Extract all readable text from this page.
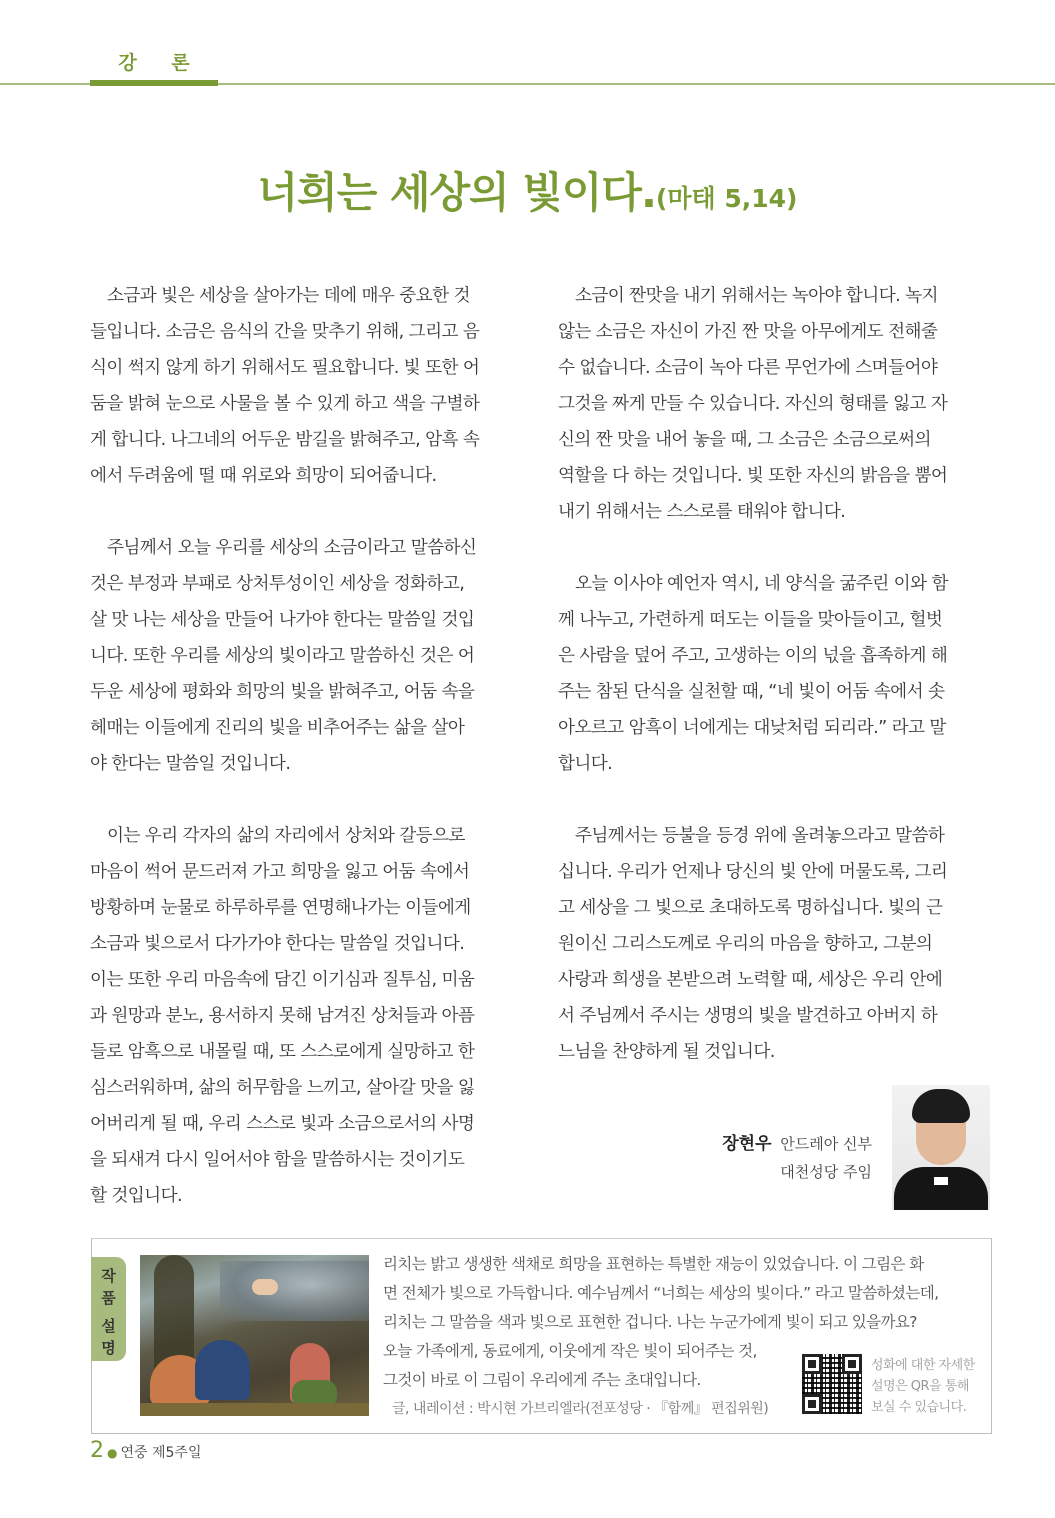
강 론
너희는 세상의 빛이다.(마태 5,14)

소금과 빛은 세상을 살아가는 데에 매우 중요한 것
들입니다. 소금은 음식의 간을 맞추기 위해, 그리고 음
식이 썩지 않게 하기 위해서도 필요합니다. 빛 또한 어
둠을 밝혀 눈으로 사물을 볼 수 있게 하고 색을 구별하
게 합니다. 나그네의 어두운 밤길을 밝혀주고, 암흑 속
에서 두려움에 떨 때 위로와 희망이 되어줍니다.

주님께서 오늘 우리를 세상의 소금이라고 말씀하신
것은 부정과 부패로 상처투성이인 세상을 정화하고,
살 맛 나는 세상을 만들어 나가야 한다는 말씀일 것입
니다. 또한 우리를 세상의 빛이라고 말씀하신 것은 어
두운 세상에 평화와 희망의 빛을 밝혀주고, 어둠 속을
헤매는 이들에게 진리의 빛을 비추어주는 삶을 살아
야 한다는 말씀일 것입니다.

이는 우리 각자의 삶의 자리에서 상처와 갈등으로
마음이 썩어 문드러져 가고 희망을 잃고 어둠 속에서
방황하며 눈물로 하루하루를 연명해나가는 이들에게
소금과 빛으로서 다가가야 한다는 말씀일 것입니다.
이는 또한 우리 마음속에 담긴 이기심과 질투심, 미움
과 원망과 분노, 용서하지 못해 남겨진 상처들과 아픔
들로 암흑으로 내몰릴 때, 또 스스로에게 실망하고 한
심스러워하며, 삶의 허무함을 느끼고, 살아갈 맛을 잃
어버리게 될 때, 우리 스스로 빛과 소금으로서의 사명
을 되새겨 다시 일어서야 함을 말씀하시는 것이기도
할 것입니다.

소금이 짠맛을 내기 위해서는 녹아야 합니다. 녹지
않는 소금은 자신이 가진 짠 맛을 아무에게도 전해줄
수 없습니다. 소금이 녹아 다른 무언가에 스며들어야
그것을 짜게 만들 수 있습니다. 자신의 형태를 잃고 자
신의 짠 맛을 내어 놓을 때, 그 소금은 소금으로써의
역할을 다 하는 것입니다. 빛 또한 자신의 밝음을 뿜어
내기 위해서는 스스로를 태워야 합니다.

오늘 이사야 예언자 역시, 네 양식을 굶주린 이와 함
께 나누고, 가련하게 떠도는 이들을 맞아들이고, 헐벗
은 사람을 덮어 주고, 고생하는 이의 넋을 흡족하게 해
주는 참된 단식을 실천할 때, “네 빛이 어둠 속에서 솟
아오르고 암흑이 너에게는 대낮처럼 되리라.” 라고 말
합니다.

주님께서는 등불을 등경 위에 올려놓으라고 말씀하
십니다. 우리가 언제나 당신의 빛 안에 머물도록, 그리
고 세상을 그 빛으로 초대하도록 명하십니다. 빛의 근
원이신 그리스도께로 우리의 마음을 향하고, 그분의
사랑과 희생을 본받으려 노력할 때, 세상은 우리 안에
서 주님께서 주시는 생명의 빛을 발견하고 아버지 하
느님을 찬양하게 될 것입니다.

장현우 안드레아 신부
대천성당 주임
작
품
설
명
리치는 밝고 생생한 색채로 희망을 표현하는 특별한 재능이 있었습니다. 이 그림은 화
면 전체가 빛으로 가득합니다. 예수님께서 “너희는 세상의 빛이다.” 라고 말씀하셨는데,
리치는 그 말씀을 색과 빛으로 표현한 겁니다. 나는 누군가에게 빛이 되고 있을까요?
오늘 가족에게, 동료에게, 이웃에게 작은 빛이 되어주는 것,
그것이 바로 이 그림이 우리에게 주는 초대입니다.
글, 내레이션 : 박시현 가브리엘라(전포성당 · 『함께』 편집위원)
성화에 대한 자세한
설명은 QR을 통해
보실 수 있습니다.
2 ● 연중 제5주일
